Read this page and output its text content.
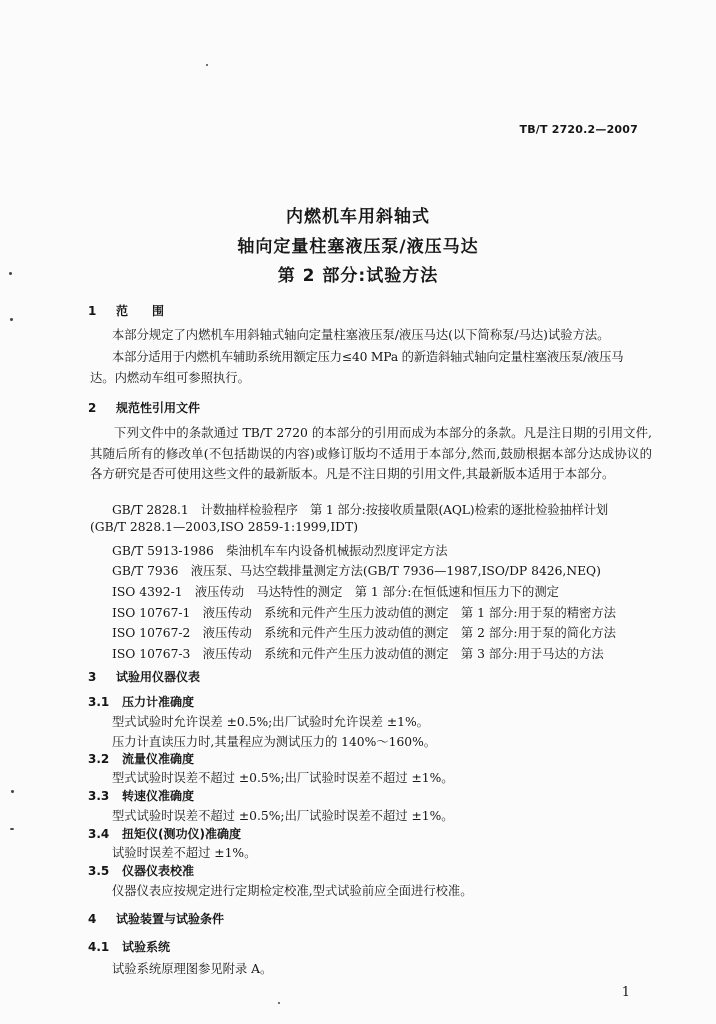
TB/T 2720.2—2007
内燃机车用斜轴式
轴向定量柱塞液压泵/液压马达
第 2 部分:试验方法
1 范　　围
本部分规定了内燃机车用斜轴式轴向定量柱塞液压泵/液压马达(以下简称泵/马达)试验方法。
本部分适用于内燃机车辅助系统用额定压力≤40 MPa 的新造斜轴式轴向定量柱塞液压泵/液压马
达。内燃动车组可参照执行。
2 规范性引用文件
下列文件中的条款通过 TB/T 2720 的本部分的引用而成为本部分的条款。凡是注日期的引用文件,其随后所有的修改单(不包括勘误的内容)或修订版均不适用于本部分,然而,鼓励根据本部分达成协议的各方研究是否可使用这些文件的最新版本。凡是不注日期的引用文件,其最新版本适用于本部分。
GB/T 2828.1　计数抽样检验程序　第 1 部分:按接收质量限(AQL)检索的逐批检验抽样计划
(GB/T 2828.1—2003,ISO 2859-1:1999,IDT)
GB/T 5913-1986　柴油机车车内设备机械振动烈度评定方法
GB/T 7936　液压泵、马达空载排量测定方法(GB/T 7936—1987,ISO/DP 8426,NEQ)
ISO 4392-1　液压传动　马达特性的测定　第 1 部分:在恒低速和恒压力下的测定
ISO 10767-1　液压传动　系统和元件产生压力波动值的测定　第 1 部分:用于泵的精密方法
ISO 10767-2　液压传动　系统和元件产生压力波动值的测定　第 2 部分:用于泵的简化方法
ISO 10767-3　液压传动　系统和元件产生压力波动值的测定　第 3 部分:用于马达的方法
3 试验用仪器仪表
3.1 压力计准确度
型式试验时允许误差 ±0.5%;出厂试验时允许误差 ±1%。
压力计直读压力时,其量程应为测试压力的 140%～160%。
3.2 流量仪准确度
型式试验时误差不超过 ±0.5%;出厂试验时误差不超过 ±1%。
3.3 转速仪准确度
型式试验时误差不超过 ±0.5%;出厂试验时误差不超过 ±1%。
3.4 扭矩仪(测功仪)准确度
试验时误差不超过 ±1%。
3.5 仪器仪表校准
仪器仪表应按规定进行定期检定校准,型式试验前应全面进行校准。
4 试验装置与试验条件
4.1 试验系统
试验系统原理图参见附录 A。
1
